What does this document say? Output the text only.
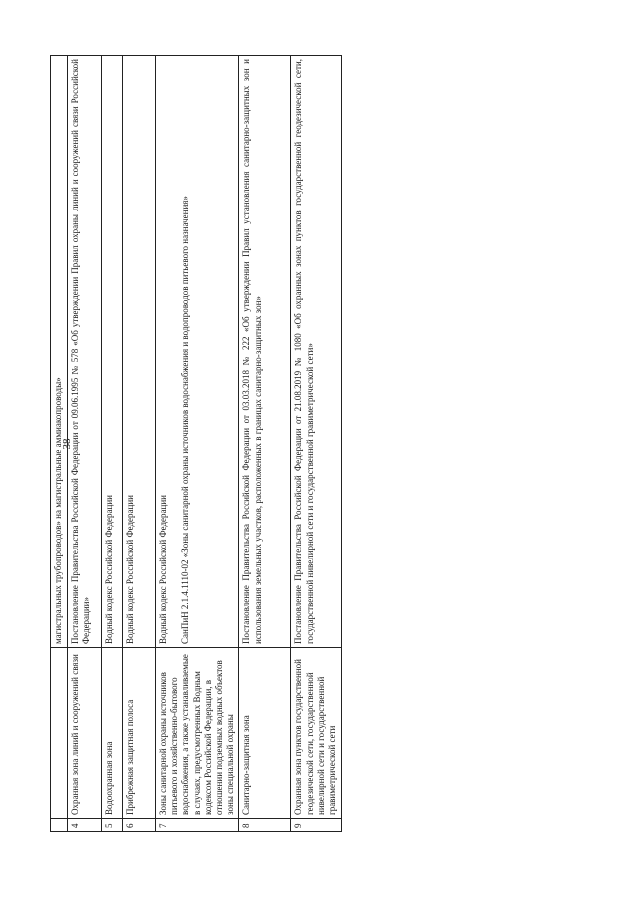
38
		магистральных трубопроводов» на магистральные аммиакопроводы»
4	Охранная зона линий и сооружений связи	Постановление Правительства Российской Федерации от 09.06.1995 № 578 «Об утверждении Правил охраны линий и сооружений связи Российской Федерации»
5	Водоохранная зона	Водный кодекс Российской Федерации
6	Прибрежная защитная полоса	Водный кодекс Российской Федерации
7	Зоны санитарной охраны источников питьевого и хозяйственно-бытового водоснабжения, а также устанавливаемые в случаях, предусмотренных Водным кодексом Российской Федерации, в отношении подземных водных объектов зоны специальной охраны	Водный кодекс Российской Федерации СанПиН 2.1.4.1110-02 «Зоны санитарной охраны источников водоснабжения и водопроводов питьевого назначения»
8	Санитарно-защитная зона	Постановление Правительства Российской Федерации от 03.03.2018 № 222 «Об утверждении Правил установления санитарно-защитных зон и использования земельных участков, расположенных в границах санитарно-защитных зон»
9	Охранная зона пунктов государственной геодезической сети, государственной нивелирной сети и государственной гравиметрической сети	Постановление Правительства Российской Федерации от 21.08.2019 № 1080 «Об охранных зонах пунктов государственной геодезической сети, государственной нивелирной сети и государственной гравиметрической сети»
